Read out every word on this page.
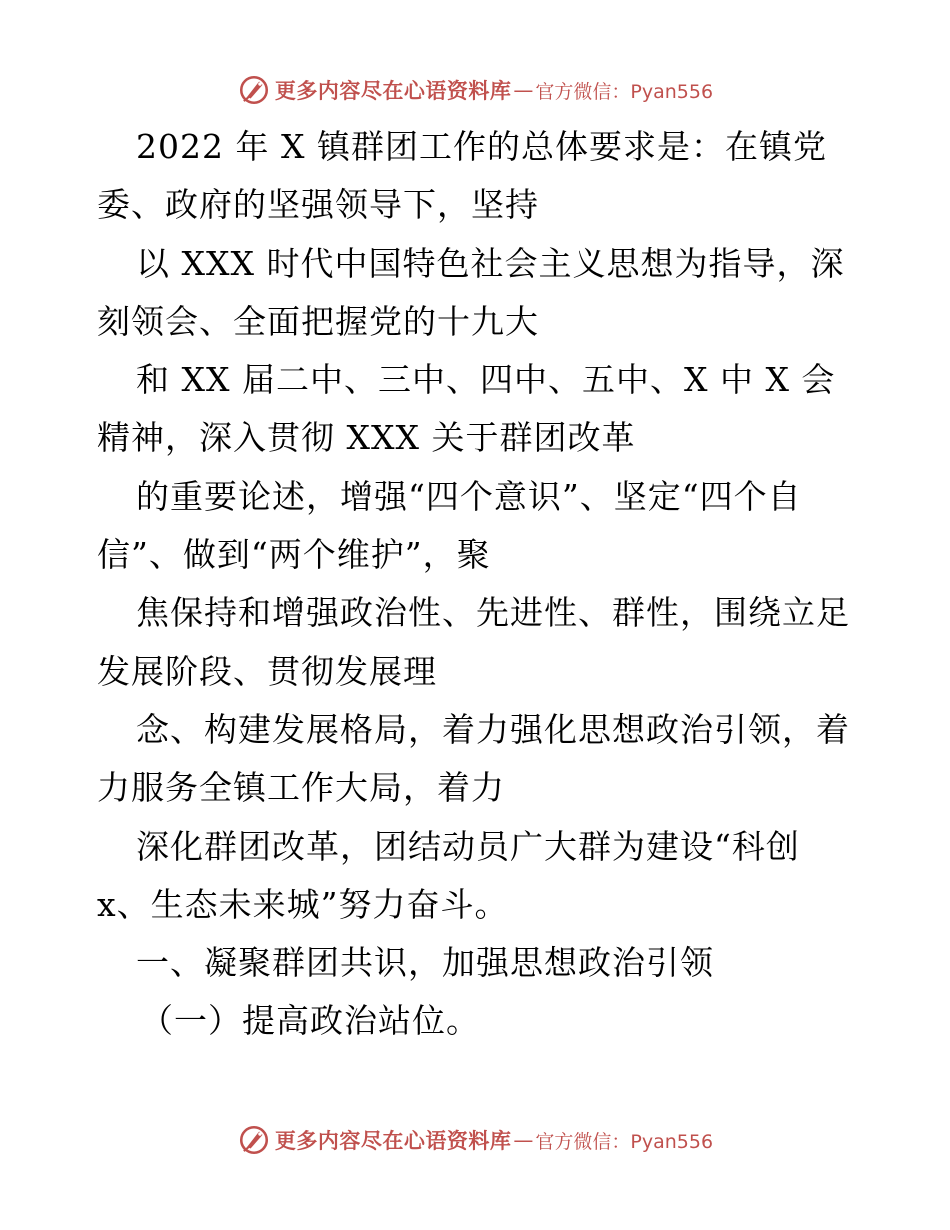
更多内容尽在心语资料库 — 官方微信：Pyan556
2022 年 X 镇群团工作的总体要求是：在镇党
委、政府的坚强领导下，坚持
以 XXX 时代中国特色社会主义思想为指导，深
刻领会、全面把握党的十九大
和 XX 届二中、三中、四中、五中、X 中 X 会
精神，深入贯彻 XXX 关于群团改革
的重要论述，增强“四个意识”、坚定“四个自
信”、做到“两个维护”，聚
焦保持和增强政治性、先进性、群性，围绕立足
发展阶段、贯彻发展理
念、构建发展格局，着力强化思想政治引领，着
力服务全镇工作大局，着力
深化群团改革，团结动员广大群为建设“科创
x、生态未来城”努力奋斗。
一、凝聚群团共识，加强思想政治引领
（一）提高政治站位。
更多内容尽在心语资料库 — 官方微信：Pyan556
